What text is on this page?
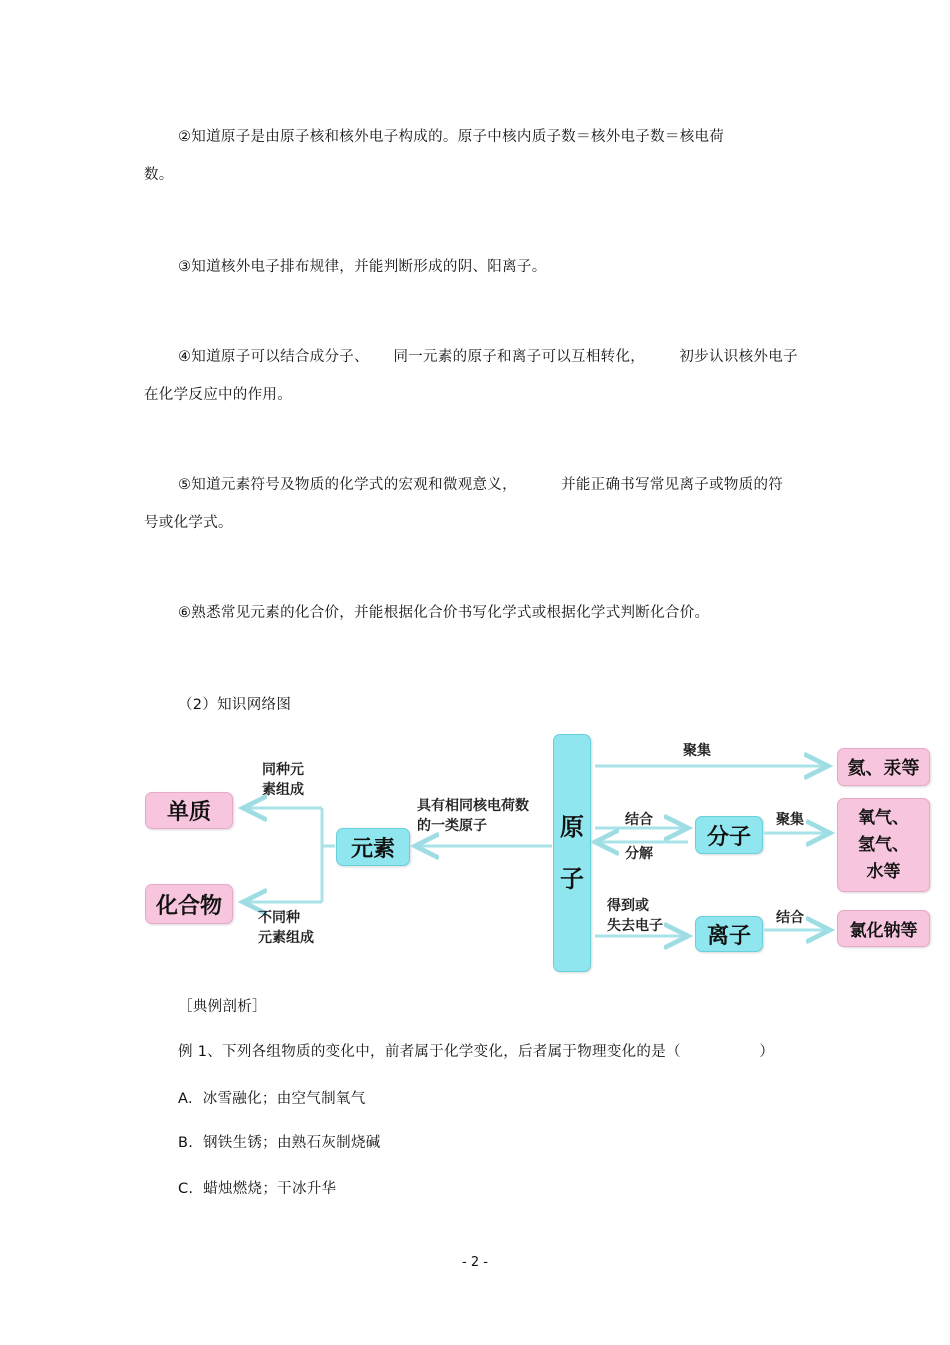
②知道原子是由原子核和核外电子构成的。原子中核内质子数＝核外电子数＝核电荷
数。
③知道核外电子排布规律，并能判断形成的阴、阳离子。
④知道原子可以结合成分子、     同一元素的原子和离子可以互相转化，       初步认识核外电子
在化学反应中的作用。
⑤知道元素符号及物质的化学式的宏观和微观意义，         并能正确书写常见离子或物质的符
号或化学式。
⑥熟悉常见元素的化合价，并能根据化合价书写化学式或根据化学式判断化合价。
（2）知识网络图
单质
化合物
元素
原

子
分子
离子
氦、汞等
氧气、
氢气、
水等
氯化钠等
同种元
素组成
不同种
元素组成
具有相同核电荷数
的一类原子
聚集
结合
分解
聚集
得到或
失去电子	结合
［典例剖析］
例 1、下列各组物质的变化中，前者属于化学变化，后者属于物理变化的是（                ）
A.  冰雪融化；由空气制氧气
B.  钢铁生锈；由熟石灰制烧碱
C.  蜡烛燃烧；干冰升华
- 2 -
